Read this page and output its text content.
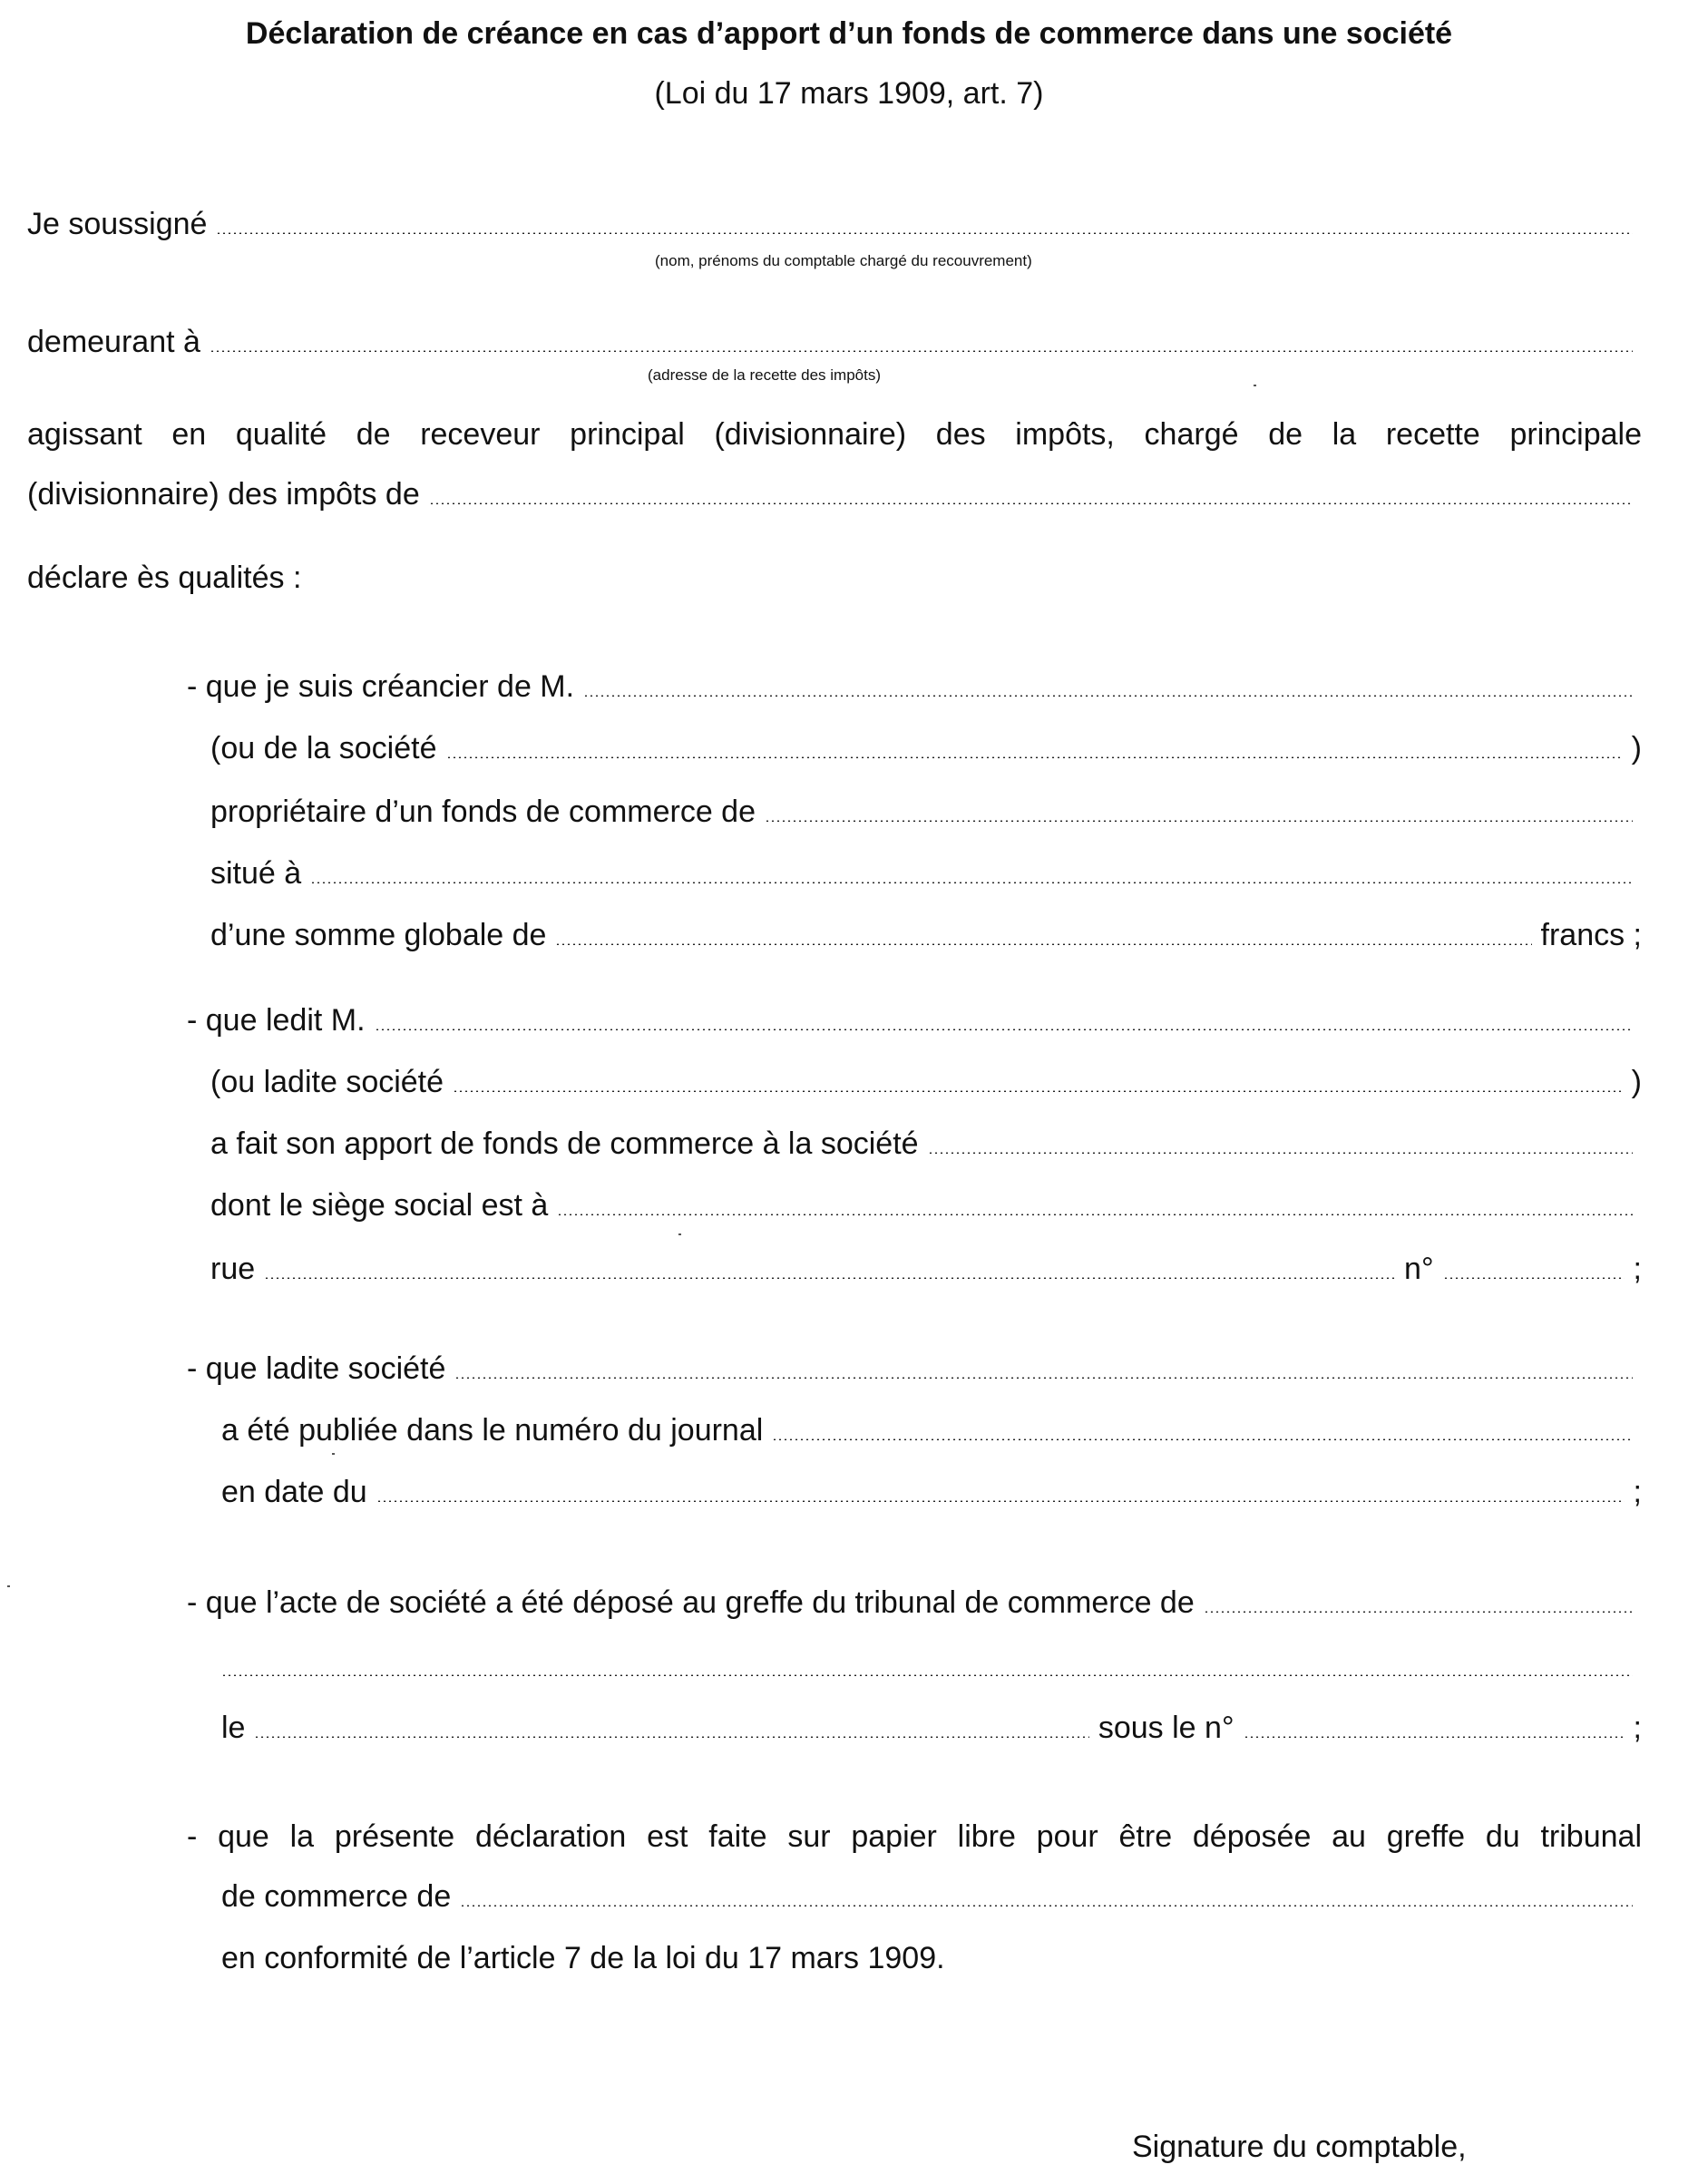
Déclaration de créance en cas d’apport d’un fonds de commerce dans une société

(Loi du 17 mars 1909, art. 7)

Je soussigné
(nom, prénoms du comptable chargé du recouvrement)
demeurant à
(adresse de la recette des impôts)

agissant en qualité de receveur principal (divisionnaire) des impôts, chargé de la recette principale

(divisionnaire) des impôts de
déclare ès qualités :
- que je suis créancier de M.
(ou de la société	)
propriétaire d’un fonds de commerce de
situé à
d’une somme globale de	francs ;
- que ledit M.
(ou ladite société	)
a fait son apport de fonds de commerce à la société
dont le siège social est à
rue	n°	;
- que ladite société
a été publiée dans le numéro du journal
en date du	;
- que l’acte de société a été déposé au greffe du tribunal de commerce de
le	sous le n°	;

- que la présente déclaration est faite sur papier libre pour être déposée au greffe du tribunal

de commerce de
en conformité de l’article 7 de la loi du 17 mars 1909.
Signature du comptable,
